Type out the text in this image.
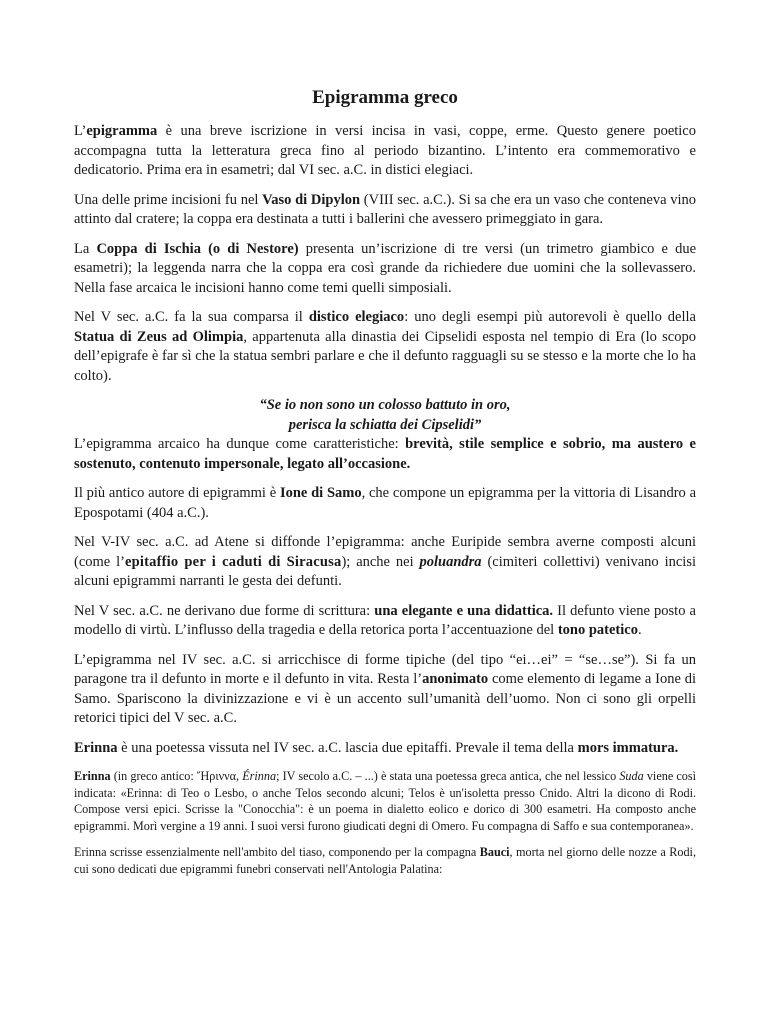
Epigramma greco

L’epigramma è una breve iscrizione in versi incisa in vasi, coppe, erme. Questo genere poetico accompagna tutta la letteratura greca fino al periodo bizantino. L’intento era commemorativo e dedicatorio. Prima era in esametri; dal VI sec. a.C. in distici elegiaci.

Una delle prime incisioni fu nel Vaso di Dipylon (VIII sec. a.C.). Si sa che era un vaso che conteneva vino attinto dal cratere; la coppa era destinata a tutti i ballerini che avessero primeggiato in gara.

La Coppa di Ischia (o di Nestore) presenta un’iscrizione di tre versi (un trimetro giambico e due esametri); la leggenda narra che la coppa era così grande da richiedere due uomini che la sollevassero. Nella fase arcaica le incisioni hanno come temi quelli simposiali.

Nel V sec. a.C. fa la sua comparsa il distico elegiaco: uno degli esempi più autorevoli è quello della Statua di Zeus ad Olimpia, appartenuta alla dinastia dei Cipselidi esposta nel tempio di Era (lo scopo dell’epigrafe è far sì che la statua sembri parlare e che il defunto ragguagli su se stesso e la morte che lo ha colto).

“Se io non sono un colosso battuto in oro,
perisca la schiatta dei Cipselidi”

L’epigramma arcaico ha dunque come caratteristiche: brevità, stile semplice e sobrio, ma austero e sostenuto, contenuto impersonale, legato all’occasione.

Il più antico autore di epigrammi è Ione di Samo, che compone un epigramma per la vittoria di Lisandro a Epospotami (404 a.C.).

Nel V-IV sec. a.C. ad Atene si diffonde l’epigramma: anche Euripide sembra averne composti alcuni (come l’epitaffio per i caduti di Siracusa); anche nei poluandra (cimiteri collettivi) venivano incisi alcuni epigrammi narranti le gesta dei defunti.

Nel V sec. a.C. ne derivano due forme di scrittura: una elegante e una didattica. Il defunto viene posto a modello di virtù. L’influsso della tragedia e della retorica porta l’accentuazione del tono patetico.

L’epigramma nel IV sec. a.C. si arricchisce di forme tipiche (del tipo “ei…ei” = “se…se”). Si fa un paragone tra il defunto in morte e il defunto in vita. Resta l’anonimato come elemento di legame a Ione di Samo. Spariscono la divinizzazione e vi è un accento sull’umanità dell’uomo. Non ci sono gli orpelli retorici tipici del V sec. a.C.

Erinna è una poetessa vissuta nel IV sec. a.C. lascia due epitaffi. Prevale il tema della mors immatura.

Erinna (in greco antico: Ἤριννα, Érinna; IV secolo a.C. – ...) è stata una poetessa greca antica, che nel lessico Suda viene così indicata: «Erinna: di Teo o Lesbo, o anche Telos secondo alcuni; Telos è un'isoletta presso Cnido. Altri la dicono di Rodi. Compose versi epici. Scrisse la "Conocchia": è un poema in dialetto eolico e dorico di 300 esametri. Ha composto anche epigrammi. Morì vergine a 19 anni. I suoi versi furono giudicati degni di Omero. Fu compagna di Saffo e sua contemporanea».

Erinna scrisse essenzialmente nell'ambito del tiaso, componendo per la compagna Bauci, morta nel giorno delle nozze a Rodi, cui sono dedicati due epigrammi funebri conservati nell'Antologia Palatina:
